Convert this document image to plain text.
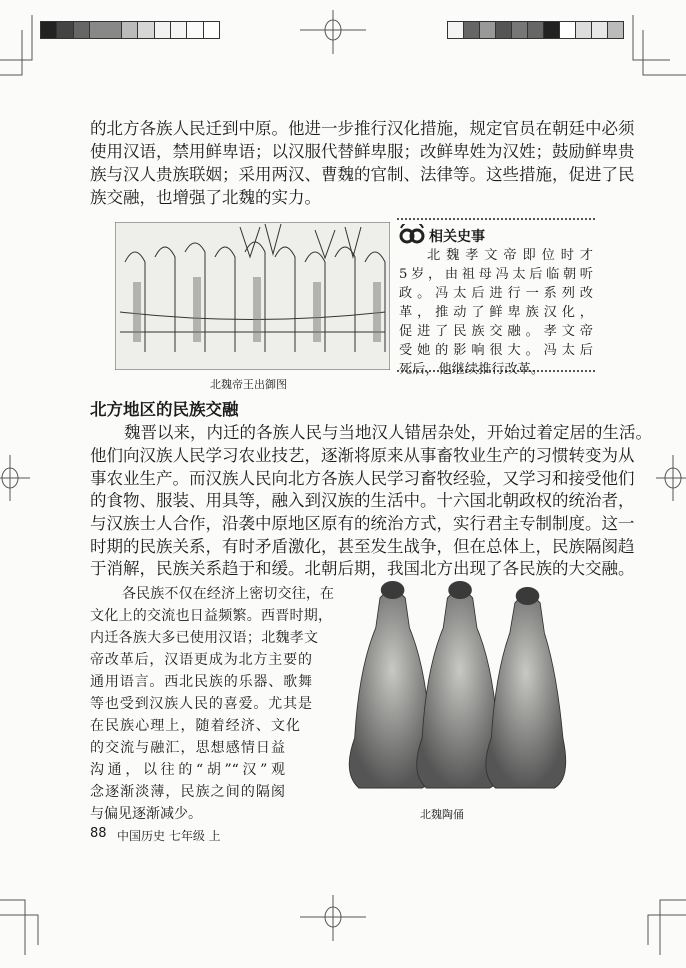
的北方各族人民迁到中原。他进一步推行汉化措施，规定官员在朝廷中必须
使用汉语，禁用鲜卑语；以汉服代替鲜卑服；改鲜卑姓为汉姓；鼓励鲜卑贵
族与汉人贵族联姻；采用两汉、曹魏的官制、法律等。这些措施，促进了民
族交融，也增强了北魏的实力。
北魏帝王出御图
相关史事
北魏孝文帝即位时才
5岁，由祖母冯太后临朝听
政。冯太后进行一系列改
革，推动了鲜卑族汉化，
促进了民族交融。孝文帝
受她的影响很大。冯太后
死后，他继续推行改革。
北方地区的民族交融
魏晋以来，内迁的各族人民与当地汉人错居杂处，开始过着定居的生活。
他们向汉族人民学习农业技艺，逐渐将原来从事畜牧业生产的习惯转变为从
事农业生产。而汉族人民向北方各族人民学习畜牧经验，又学习和接受他们
的食物、服装、用具等，融入到汉族的生活中。十六国北朝政权的统治者，
与汉族士人合作，沿袭中原地区原有的统治方式，实行君主专制制度。这一
时期的民族关系，有时矛盾激化，甚至发生战争，但在总体上，民族隔阂趋
于消解，民族关系趋于和缓。北朝后期，我国北方出现了各民族的大交融。
各民族不仅在经济上密切交往，在
文化上的交流也日益频繁。西晋时期，
内迁各族大多已使用汉语；北魏孝文
帝改革后，汉语更成为北方主要的
通用语言。西北民族的乐器、歌舞
等也受到汉族人民的喜爱。尤其是
在民族心理上，随着经济、文化
的交流与融汇，思想感情日益
沟通，以往的“胡”“汉”观
念逐渐淡薄，民族之间的隔阂
与偏见逐渐减少。	北魏陶俑
88 中国历史 七年级 上
